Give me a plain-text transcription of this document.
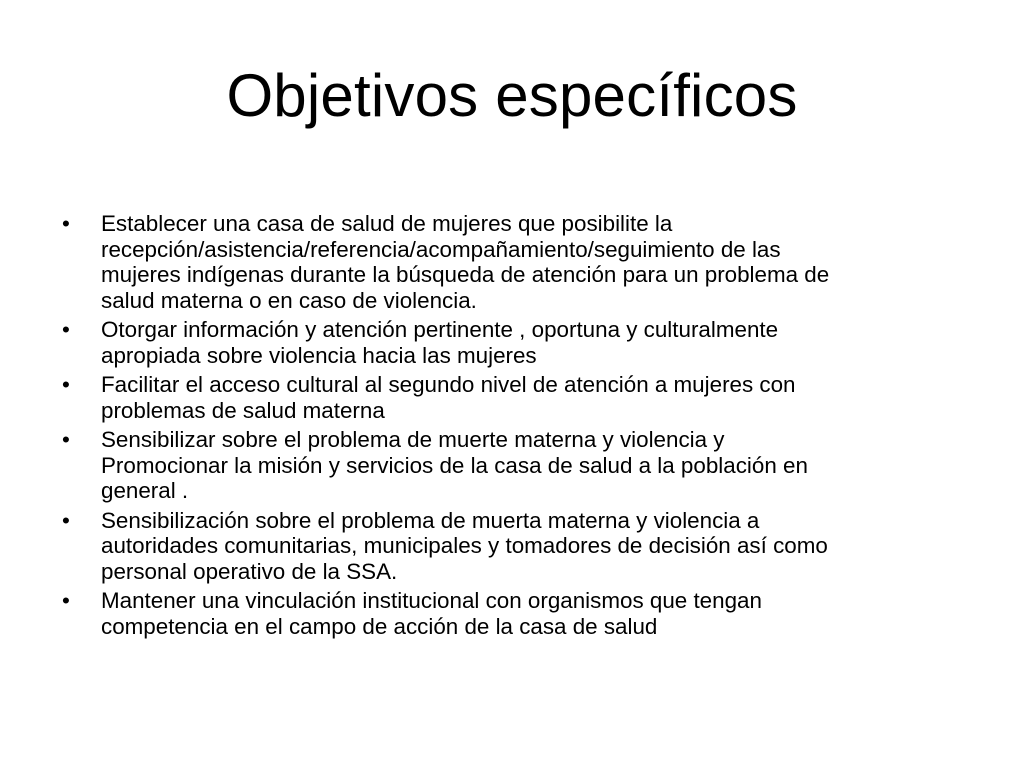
Objetivos específicos
•	Establecer una casa de salud de mujeres que posibilite la
recepción/asistencia/referencia/acompañamiento/seguimiento de las
mujeres indígenas durante la búsqueda de atención para un problema de
salud materna o en caso de violencia.
•	Otorgar información y atención pertinente , oportuna y culturalmente
apropiada sobre violencia hacia las mujeres
•	Facilitar el acceso cultural al segundo nivel de atención a mujeres con
problemas de salud materna
•	Sensibilizar sobre el problema de muerte materna y violencia y
Promocionar la misión y servicios de la casa de salud a la población en
general .
•	Sensibilización sobre el problema de muerta materna y violencia a
autoridades comunitarias, municipales y tomadores de decisión así como
personal operativo de la SSA.
•	Mantener una vinculación institucional con organismos que tengan
competencia en el campo de acción de la casa de salud
